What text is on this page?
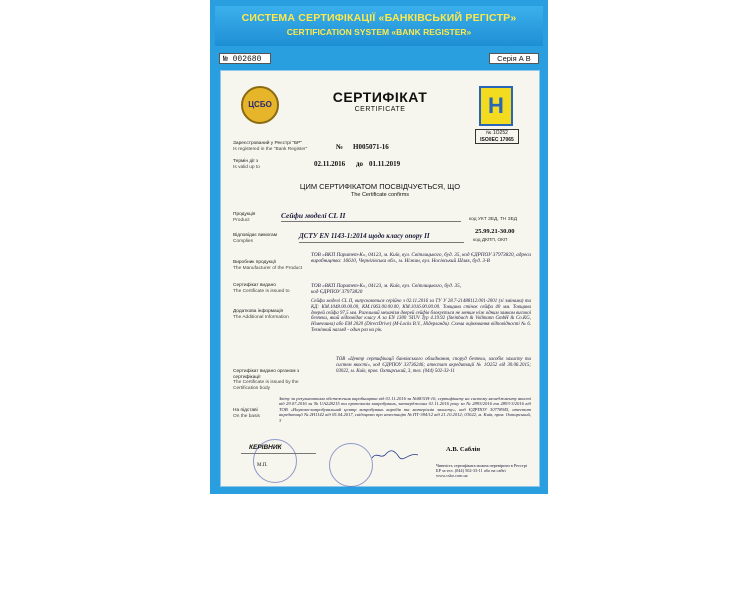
СИСТЕМА СЕРТИФІКАЦІЇ «БАНКІВСЬКИЙ РЕГІСТР»
CERTIFICATION SYSTEM «BANK REGISTER»
№ 002680	Серія А В
ЦСБО	Н
№ 1O252
ISO/IEC 17065
СЕРТИФІКАТ
CERTIFICATE
Зареєстрований у Реєстрі "БР"
Is registered in the "Bank Register"	№ Н005071-16
Термін дії з
Is valid up to	02.11.2016 до 01.11.2019
ЦИМ СЕРТИФІКАТОМ ПОСВІДЧУЄТЬСЯ, ЩО
The Certificate confirms
Продукція
Product
Сейфи моделі СL II	код УКТ ЗЕД, ТН ЗЕД
Відповідає вимогам
Complies
ДСТУ EN 1143-1:2014 щодо класу опору II
25.99.21-30.00
код ДКПП, ОКП
Виробник продукції
The Manufacturer of the Product
ТОВ «ВКП Паритет-К», 04123, м. Київ, вул. Світлицького, буд. 35, код ЄДРПОУ 37973820, адреса виробництва: 16610, Чернігівська обл., м. Ніжин, вул. Носівський Шлях, буд. 3-В
Сертифікат видано
The Certificate is issued to
ТОВ «ВКП Паритет-К», 04123, м. Київ, вул. Світлицького, буд. 35, код ЄДРПОУ 37973820
Додаткова інформація
The Additional Information
Сейфи моделі СL II, випускаються серійно з 02.11.2016 за ТУ У 28.7-21488112.001-2001 (зі змінами) та КД: КМ.1048.00.00.00, КМ.1063.00.00.00, КМ.1016.00.00.00. Товщина стінок сейфа 40 мм. Товщина дверей сейфа 97,5 мм. Ригельний механізм дверей сейфів блокується не менше ніж одним замком високої безпеки, який відповідає класу А за EN 1300 'SIUV Typ 4.19.92 (Steinbach & Vollmann GmbH & Co.KG, Німеччина) або EM 2020 (DirectDrive) (M-Locks B.V., Нідерланди). Схема оцінювання відповідності № 6. Технічний нагляд - один раз на рік.
Сертифікат видано органом з сертифікації
The Certificate is issued by the Certification body
ТОВ «Центр сертифікації банківського обладнання, споруд безпеки, засобів захисту та систем якості», код ЄДРПОУ 33736246; атестат акредитації № 1O252 від 30.06.2015; 03022, м. Київ, пров. Охтирський, 3, тел. (044) 502-33-11
На підставі
On the basis
Звіту за результатами обстеження виробництва від 01.11.2016 за №0831Н-16, сертифікату на систему менеджменту якості від 29.07.2016 за № UA228215 та протоколів випробувань, затверджених 01.11.2016 року за № 2893/2016 та 2893-3/2016 від ТОВ «Науково-випробувальний центр випробувань виробів та матеріалів захисту», код ЄДРПОУ 30778945, атестат акредитації № 2H1142 від 05.04.2017, свідоцтво про атестацію № ПТ-384/12 від 21.10.2012; 03022, м. Київ, пров. Охтирський, 3
КЕРІВНИК
М.П.
А.В. Саблін
Чинність сертифіката можна перевірити в Реєстрі БР за тел. (044) 502-33-11 або на сайті www.csbo.com.ua
